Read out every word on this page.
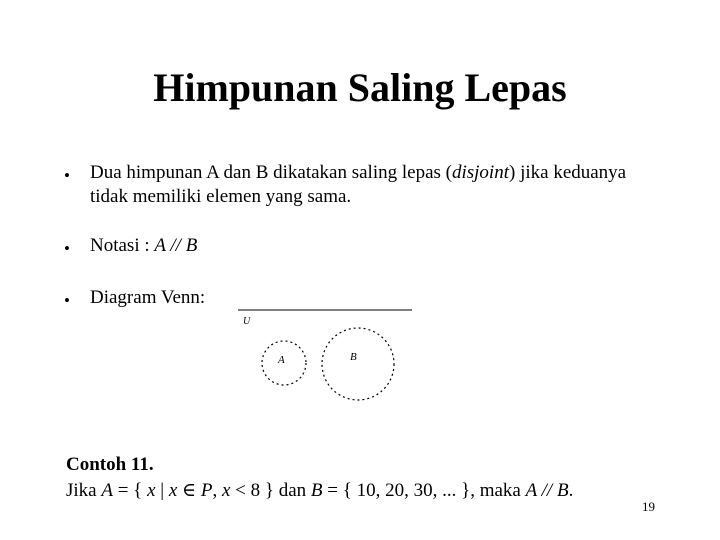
Himpunan Saling Lepas
• Dua himpunan A dan B dikatakan saling lepas (disjoint) jika keduanya
tidak memiliki elemen yang sama.
• Notasi : A // B
• Diagram Venn:
U
A	B
Contoh 11.
Jika A = { x | x ∈ P, x < 8 } dan B = { 10, 20, 30, ... }, maka A // B.
19
